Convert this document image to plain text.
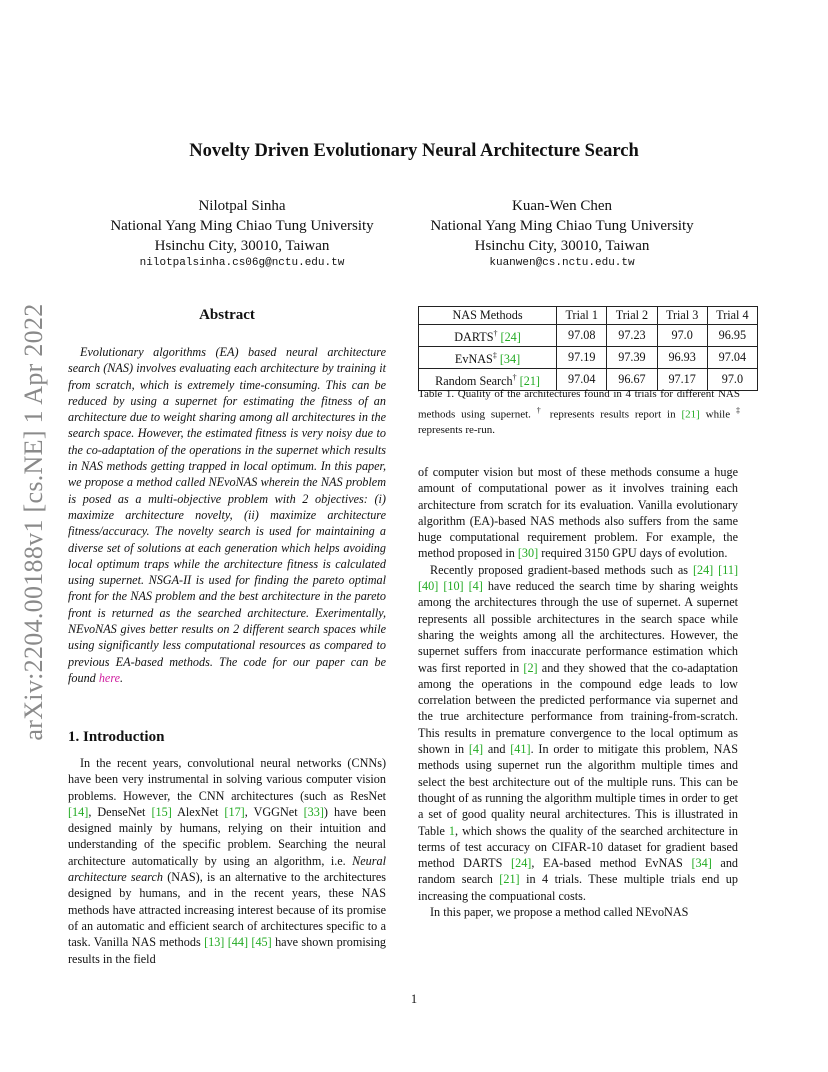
arXiv:2204.00188v1 [cs.NE] 1 Apr 2022
Novelty Driven Evolutionary Neural Architecture Search
Nilotpal Sinha
National Yang Ming Chiao Tung University
Hsinchu City, 30010, Taiwan
nilotpalsinha.cs06g@nctu.edu.tw
Kuan-Wen Chen
National Yang Ming Chiao Tung University
Hsinchu City, 30010, Taiwan
kuanwen@cs.nctu.edu.tw
Abstract
Evolutionary algorithms (EA) based neural architecture search (NAS) involves evaluating each architecture by training it from scratch, which is extremely time-consuming. This can be reduced by using a supernet for estimating the fitness of an architecture due to weight sharing among all architectures in the search space. However, the estimated fitness is very noisy due to the co-adaptation of the operations in the supernet which results in NAS methods getting trapped in local optimum. In this paper, we propose a method called NEvoNAS wherein the NAS problem is posed as a multi-objective problem with 2 objectives: (i) maximize architecture novelty, (ii) maximize architecture fitness/accuracy. The novelty search is used for maintaining a diverse set of solutions at each generation which helps avoiding local optimum traps while the architecture fitness is calculated using supernet. NSGA-II is used for finding the pareto optimal front for the NAS problem and the best architecture in the pareto front is returned as the searched architecture. Exerimentally, NEvoNAS gives better results on 2 different search spaces while using significantly less computational resources as compared to previous EA-based methods. The code for our paper can be found here.
1. Introduction

In the recent years, convolutional neural networks (CNNs) have been very instrumental in solving various computer vision problems. However, the CNN architectures (such as ResNet [14], DenseNet [15] AlexNet [17], VGGNet [33]) have been designed mainly by humans, relying on their intuition and understanding of the specific problem. Searching the neural architecture automatically by using an algorithm, i.e. Neural architecture search (NAS), is an alternative to the architectures designed by humans, and in the recent years, these NAS methods have attracted increasing interest because of its promise of an automatic and efficient search of architectures specific to a task. Vanilla NAS methods [13] [44] [45] have shown promising results in the field

NAS Methods	Trial 1	Trial 2	Trial 3	Trial 4
DARTS† [24]	97.08	97.23	97.0	96.95
EvNAS‡ [34]	97.19	97.39	96.93	97.04
Random Search† [21]	97.04	96.67	97.17	97.0
Table 1. Quality of the architectures found in 4 trials for different NAS methods using supernet. † represents results report in [21] while ‡ represents re-run.

of computer vision but most of these methods consume a huge amount of computational power as it involves training each architecture from scratch for its evaluation. Vanilla evolutionary algorithm (EA)-based NAS methods also suffers from the same huge computational requirement problem. For example, the method proposed in [30] required 3150 GPU days of evolution.

Recently proposed gradient-based methods such as [24] [11] [40] [10] [4] have reduced the search time by sharing weights among the architectures through the use of supernet. A supernet represents all possible architectures in the search space while sharing the weights among all the architectures. However, the supernet suffers from inaccurate performance estimation which was first reported in [2] and they showed that the co-adaptation among the operations in the compound edge leads to low correlation between the predicted performance via supernet and the true architecture performance from training-from-scratch. This results in premature convergence to the local optimum as shown in [4] and [41]. In order to mitigate this problem, NAS methods using supernet run the algorithm multiple times and select the best architecture out of the multiple runs. This can be thought of as running the algorithm multiple times in order to get a set of good quality neural architectures. This is illustrated in Table 1, which shows the quality of the searched architecture in terms of test accuracy on CIFAR-10 dataset for gradient based method DARTS [24], EA-based method EvNAS [34] and random search [21] in 4 trials. These multiple trials end up increasing the compuational costs.

In this paper, we propose a method called NEvoNAS

1
